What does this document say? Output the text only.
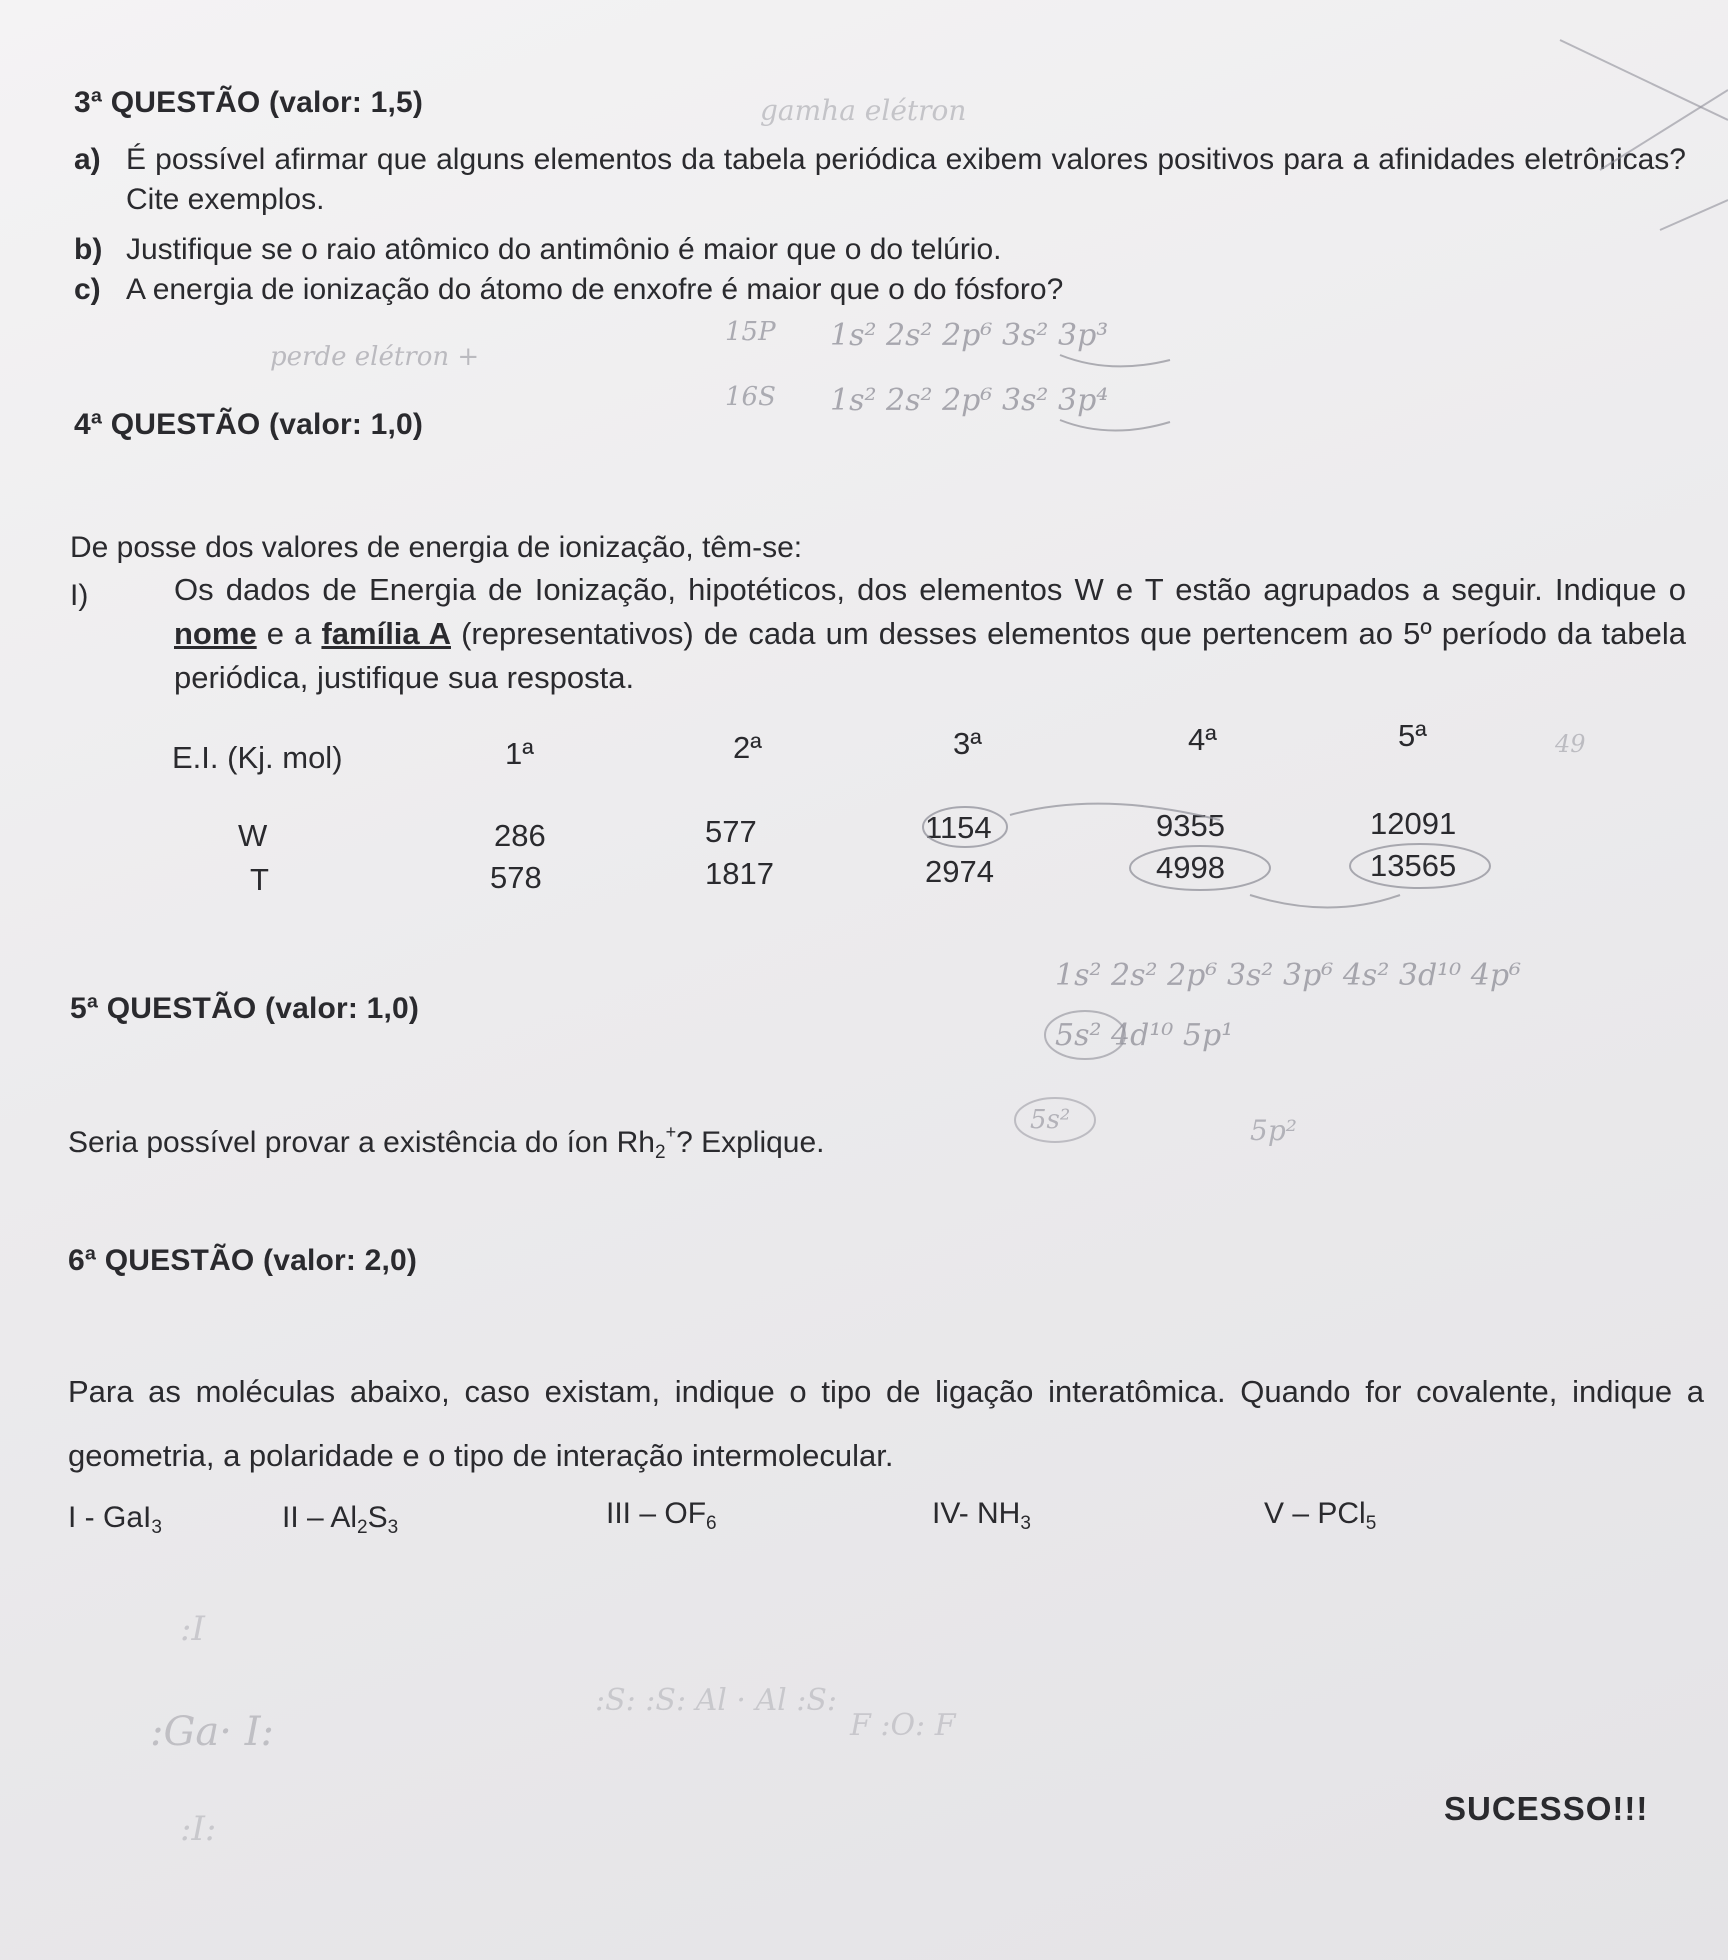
3ª QUESTÃO (valor: 1,5)
a) É possível afirmar que alguns elementos da tabela periódica exibem valores positivos para a afinidades eletrônicas? Cite exemplos.
b) Justifique se o raio atômico do antimônio é maior que o do telúrio.
c) A energia de ionização do átomo de enxofre é maior que o do fósforo?
4ª QUESTÃO (valor: 1,0)
De posse dos valores de energia de ionização, têm-se:
I)	Os dados de Energia de Ionização, hipotéticos, dos elementos W e T estão agrupados a seguir. Indique o nome e a família A (representativos) de cada um desses elementos que pertencem ao 5º período da tabela periódica, justifique sua resposta.
E.I. (Kj. mol)	1ª	2ª	3ª	4ª	5ª
W	286	577	1154	9355	12091
T	578	1817	2974	4998	13565
5ª QUESTÃO (valor: 1,0)
Seria possível provar a existência do íon $Rh_2^+$? Explique.
6ª QUESTÃO (valor: 2,0)
Para as moléculas abaixo, caso existam, indique o tipo de ligação interatômica. Quando for covalente, indique a geometria, a polaridade e o tipo de interação intermolecular.
I - GaI$_3$	II – $Al_2S_3$	III – $OF_6$	IV- $NH_3$	V – PCl$_5$
SUCESSO!!!
gamha elétron
perde elétron +
15P 1s² 2s² 2p⁶ 3s² 3p³
16S 1s² 2s² 2p⁶ 3s² 3p⁴
49
1s² 2s² 2p⁶ 3s² 3p⁶ 4s² 3d¹⁰ 4p⁶
5s² 4d¹⁰ 5p¹
5s²	5p²
:Ga· I:
:I
:I:
:S: :S: Al · Al :S:
F :O: F
